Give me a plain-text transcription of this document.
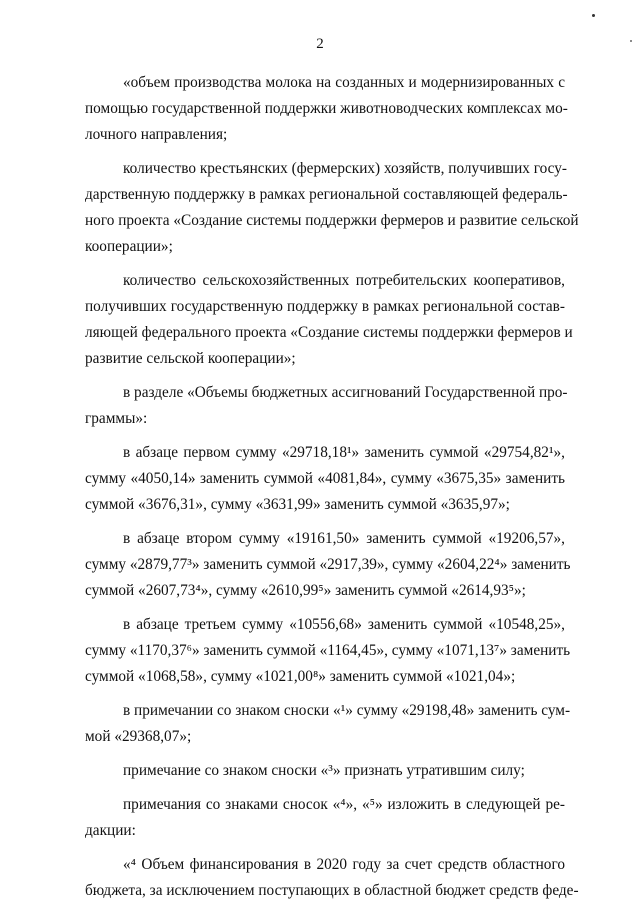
2
«объем производства молока на созданных и модернизированных с
помощью государственной поддержки животноводческих комплексах мо-
лочного направления;
количество крестьянских (фермерских) хозяйств, получивших госу-
дарственную поддержку в рамках региональной составляющей федераль-
ного проекта «Создание системы поддержки фермеров и развитие сельской
кооперации»;
количество сельскохозяйственных потребительских кооперативов,
получивших государственную поддержку в рамках региональной состав-
ляющей федерального проекта «Создание системы поддержки фермеров и
развитие сельской кооперации»;
в разделе «Объемы бюджетных ассигнований Государственной про-
граммы»:
в абзаце первом сумму «29718,18¹» заменить суммой «29754,82¹»,
сумму «4050,14» заменить суммой «4081,84», сумму «3675,35» заменить
суммой «3676,31», сумму «3631,99» заменить суммой «3635,97»;
в абзаце втором сумму «19161,50» заменить суммой «19206,57»,
сумму «2879,77³» заменить суммой «2917,39», сумму «2604,22⁴» заменить
суммой «2607,73⁴», сумму «2610,99⁵» заменить суммой «2614,93⁵»;
в абзаце третьем сумму «10556,68» заменить суммой «10548,25»,
сумму «1170,37⁶» заменить суммой «1164,45», сумму «1071,13⁷» заменить
суммой «1068,58», сумму «1021,00⁸» заменить суммой «1021,04»;
в примечании со знаком сноски «¹» сумму «29198,48» заменить сум-
мой «29368,07»;
примечание со знаком сноски «³» признать утратившим силу;
примечания со знаками сносок «⁴», «⁵» изложить в следующей ре-
дакции:
«⁴ Объем финансирования в 2020 году за счет средств областного
бюджета, за исключением поступающих в областной бюджет средств феде-
